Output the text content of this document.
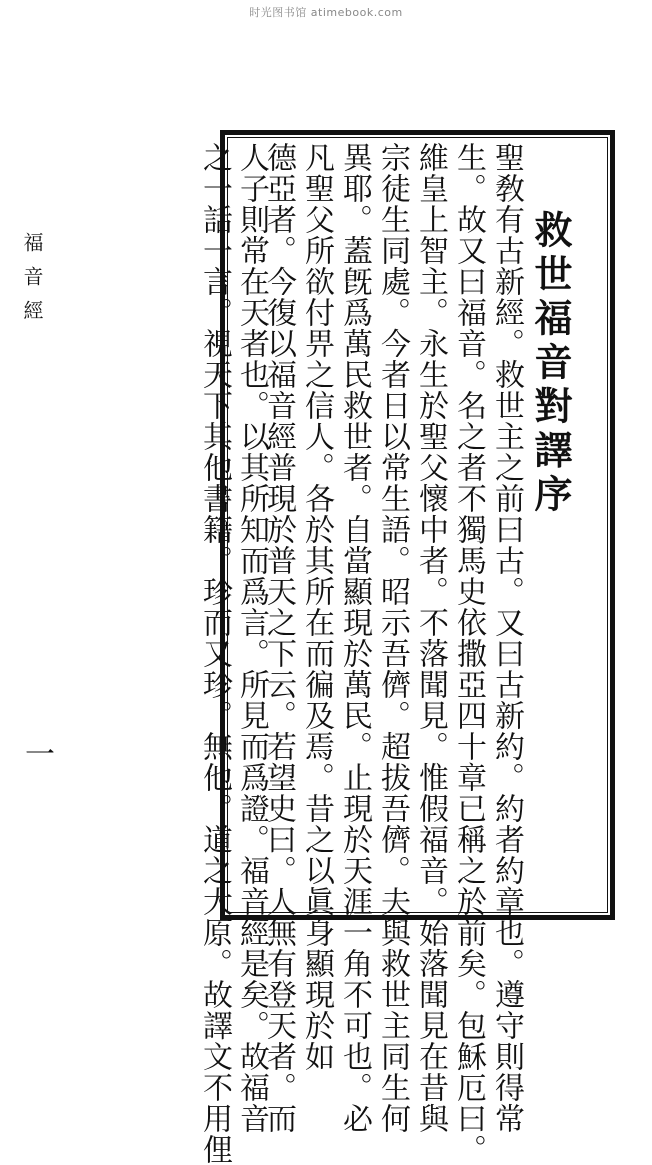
时光图书馆 atimebook.com
救世福音對譯序
聖敎有古新經。救世主之前曰古。又曰古新約。約者約章也。遵守則得常
生。故又曰福音。名之者不獨馬史依撒亞四十章已稱之於前矣。包穌厄曰。
維皇上智主。永生於聖父懷中者。不落聞見。惟假福音。始落聞見在昔與
宗徒生同處。今者日以常生語。昭示吾儕。超拔吾儕。夫與救世主同生何
異耶。蓋旣爲萬民救世者。自當顯現於萬民。止現於天涯一角不可也。必
凡聖父所欲付畀之信人。各於其所在而徧及焉。昔之以眞身顯現於如
德亞者。今復以福音經普現於普天之下云。若望史曰。人無有登天者。而
人子則常在天者也。以其所知而爲言。所見而爲證。福音經是矣。故福音
之一話一言。視天下其他書籍。珍而又珍。無他。道之大原。故譯文不用俚
福音經
一
